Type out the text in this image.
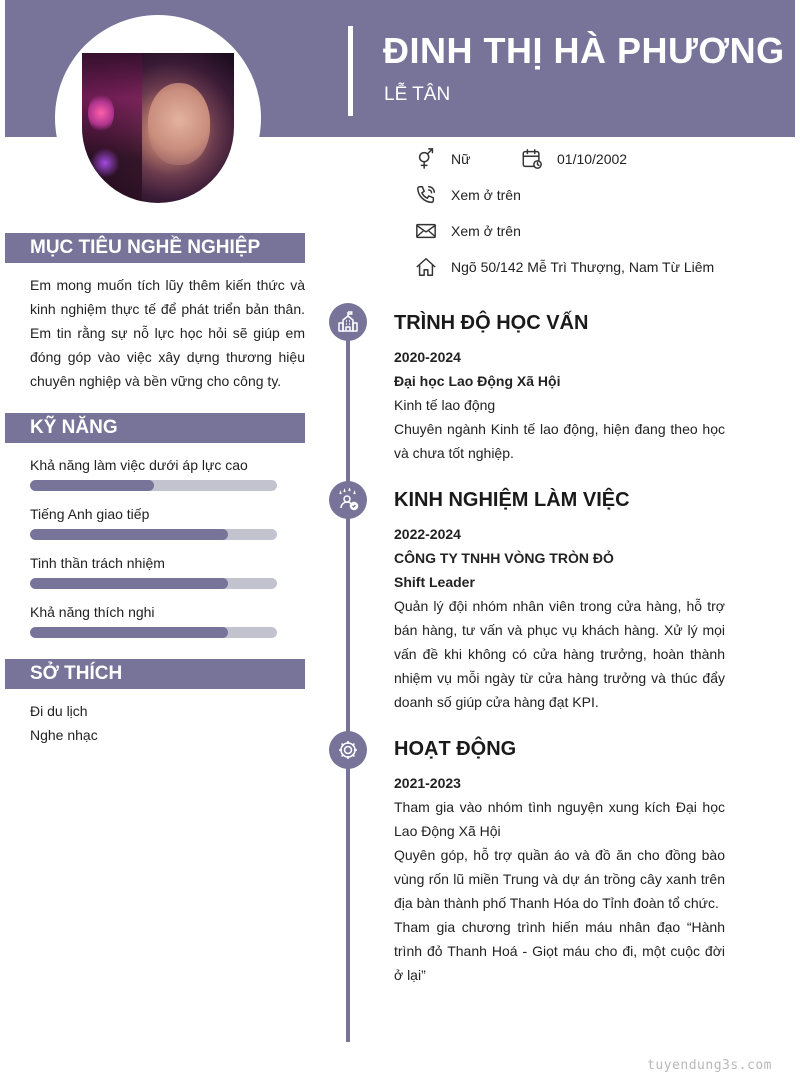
ĐINH THỊ HÀ PHƯƠNG
LỄ TÂN
Nữ	01/10/2002
Xem ở trên
Xem ở trên
Ngõ 50/142 Mễ Trì Thượng, Nam Từ Liêm
MỤC TIÊU NGHỀ NGHIỆP
Em mong muốn tích lũy thêm kiến thức và kinh nghiệm thực tế để phát triển bản thân. Em tin rằng sự nỗ lực học hỏi sẽ giúp em đóng góp vào việc xây dựng thương hiệu chuyên nghiệp và bền vững cho công ty.
KỸ NĂNG
Khả năng làm việc dưới áp lực cao
Tiếng Anh giao tiếp
Tinh thần trách nhiệm
Khả năng thích nghi
SỞ THÍCH
Đi du lịch
Nghe nhạc
TRÌNH ĐỘ HỌC VẤN
2020-2024
Đại học Lao Động Xã Hội
Kinh tế lao động
Chuyên ngành Kinh tế lao động, hiện đang theo học và chưa tốt nghiệp.
KINH NGHIỆM LÀM VIỆC
2022-2024
CÔNG TY TNHH VÒNG TRÒN ĐỎ
Shift Leader
Quản lý đội nhóm nhân viên trong cửa hàng, hỗ trợ bán hàng, tư vấn và phục vụ khách hàng. Xử lý mọi vấn đề khi không có cửa hàng trưởng, hoàn thành nhiệm vụ mỗi ngày từ cửa hàng trưởng và thúc đẩy doanh số giúp cửa hàng đạt KPI.
HOẠT ĐỘNG
2021-2023
Tham gia vào nhóm tình nguyện xung kích Đại học Lao Động Xã Hội
Quyên góp, hỗ trợ quần áo và đồ ăn cho đồng bào vùng rốn lũ miền Trung và dự án trồng cây xanh trên địa bàn thành phố Thanh Hóa do Tỉnh đoàn tổ chức.
Tham gia chương trình hiến máu nhân đạo “Hành trình đỏ Thanh Hoá - Giọt máu cho đi, một cuộc đời ở lại”
tuyendung3s.com
